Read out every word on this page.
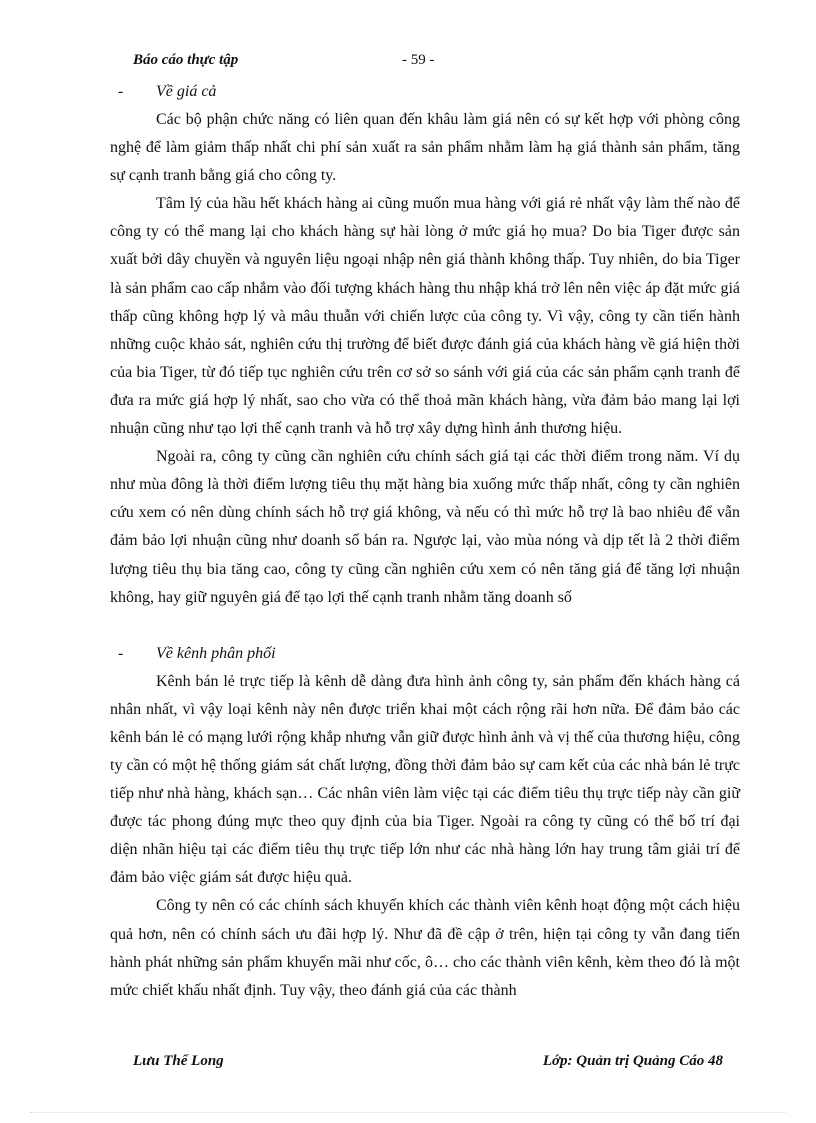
Báo cáo thực tập	- 59 -
- Về giá cả

Các bộ phận chức năng có liên quan đến khâu làm giá nên có sự kết hợp với phòng công nghệ để làm giảm thấp nhất chi phí sản xuất ra sản phẩm nhằm làm hạ giá thành sản phẩm, tăng sự cạnh tranh bằng giá cho công ty.

Tâm lý của hầu hết khách hàng ai cũng muốn mua hàng với giá rẻ nhất vậy làm thế nào để công ty có thể mang lại cho khách hàng sự hài lòng ở mức giá họ mua? Do bia Tiger được sản xuất bởi dây chuyền và nguyên liệu ngoại nhập nên giá thành không thấp. Tuy nhiên, do bia Tiger là sản phẩm cao cấp nhắm vào đối tượng khách hàng thu nhập khá trở lên nên việc áp đặt mức giá thấp cũng không hợp lý và mâu thuẫn với chiến lược của công ty. Vì vậy, công ty cần tiến hành những cuộc khảo sát, nghiên cứu thị trường để biết được đánh giá của khách hàng về giá hiện thời của bia Tiger, từ đó tiếp tục nghiên cứu trên cơ sở so sánh với giá của các sản phẩm cạnh tranh để đưa ra mức giá hợp lý nhất, sao cho vừa có thể thoả mãn khách hàng, vừa đảm bảo mang lại lợi nhuận cũng như tạo lợi thế cạnh tranh và hỗ trợ xây dựng hình ảnh thương hiệu.

Ngoài ra, công ty cũng cần nghiên cứu chính sách giá tại các thời điểm trong năm. Ví dụ như mùa đông là thời điểm lượng tiêu thụ mặt hàng bia xuống mức thấp nhất, công ty cần nghiên cứu xem có nên dùng chính sách hỗ trợ giá không, và nếu có thì mức hỗ trợ là bao nhiêu để vẫn đảm bảo lợi nhuận cũng như doanh số bán ra. Ngược lại, vào mùa nóng và dịp tết là 2 thời điểm lượng tiêu thụ bia tăng cao, công ty cũng cần nghiên cứu xem có nên tăng giá để tăng lợi nhuận không, hay giữ nguyên giá để tạo lợi thế cạnh tranh nhằm tăng doanh số

- Về kênh phân phối

Kênh bán lẻ trực tiếp là kênh dễ dàng đưa hình ảnh công ty, sản phẩm đến khách hàng cá nhân nhất, vì vậy loại kênh này nên được triển khai một cách rộng rãi hơn nữa. Để đảm bảo các kênh bán lẻ có mạng lưới rộng khắp nhưng vẫn giữ được hình ảnh và vị thế của thương hiệu, công ty cần có một hệ thống giám sát chất lượng, đồng thời đảm bảo sự cam kết của các nhà bán lẻ trực tiếp như nhà hàng, khách sạn… Các nhân viên làm việc tại các điểm tiêu thụ trực tiếp này cần giữ được tác phong đúng mực theo quy định của bia Tiger. Ngoài ra công ty cũng có thể bố trí đại diện nhãn hiệu tại các điểm tiêu thụ trực tiếp lớn như các nhà hàng lớn hay trung tâm giải trí để đảm bảo việc giám sát được hiệu quả.

Công ty nên có các chính sách khuyến khích các thành viên kênh hoạt động một cách hiệu quả hơn, nên có chính sách ưu đãi hợp lý. Như đã đề cập ở trên, hiện tại công ty vẫn đang tiến hành phát những sản phẩm khuyến mãi như cốc, ô… cho các thành viên kênh, kèm theo đó là một mức chiết khấu nhất định. Tuy vậy, theo đánh giá của các thành

Lưu Thế Long	Lớp: Quản trị Quảng Cáo 48
